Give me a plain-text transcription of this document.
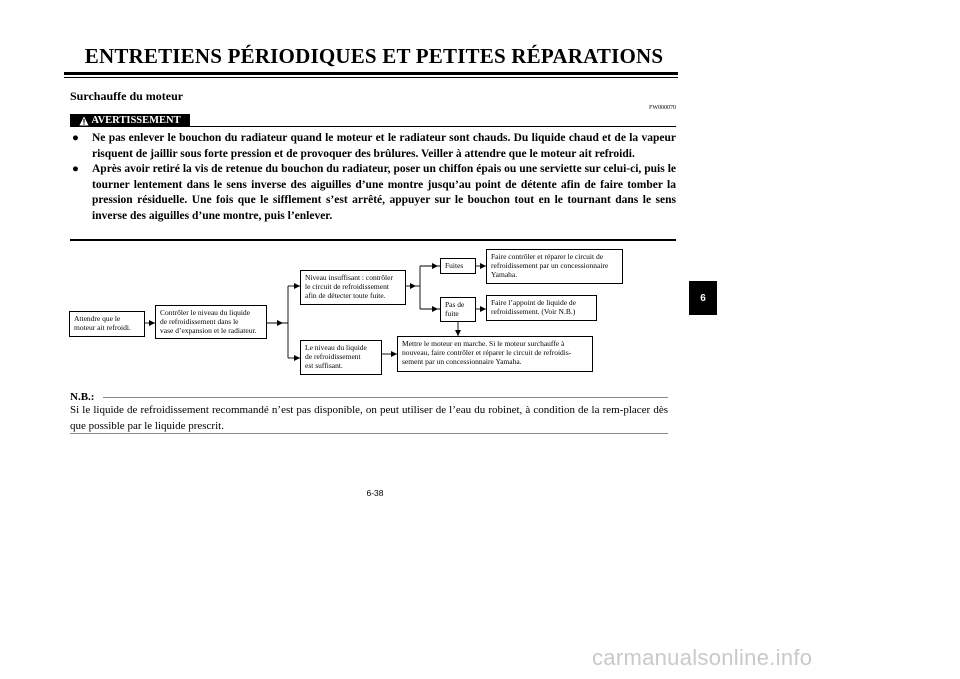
ENTRETIENS PÉRIODIQUES ET PETITES RÉPARATIONS
Surchauffe du moteur
FW000070
AVERTISSEMENT
● Ne pas enlever le bouchon du radiateur quand le moteur et le radiateur sont chauds. Du liquide chaud et de la vapeur risquent de jaillir sous forte pression et de provoquer des brûlures. Veiller à attendre que le moteur ait refroidi.
● Après avoir retiré la vis de retenue du bouchon du radiateur, poser un chiffon épais ou une serviette sur celui-ci, puis le tourner lentement dans le sens inverse des aiguilles d’une montre jusqu’au point de détente afin de faire tomber la pression résiduelle. Une fois que le sifflement s’est arrêté, appuyer sur le bouchon tout en le tournant dans le sens inverse des aiguilles d’une montre, puis l’enlever.
Attendre que le
moteur ait refroidi.
Contrôler le niveau du liquide
de refroidissement dans le
vase d’expansion et le radiateur.
Niveau insuffisant : contrôler
le circuit de refroidissement
afin de détecter toute fuite.
Le niveau du liquide
de refroidissement
est suffisant.
Fuites
Pas de
fuite
Faire contrôler et réparer le circuit de
refroidissement par un concessionnaire
Yamaha.
Faire l’appoint de liquide de
refroidissement. (Voir N.B.)
Mettre le moteur en marche. Si le moteur surchauffe à
nouveau, faire contrôler et réparer le circuit de refroidis-
sement par un concessionnaire Yamaha.
N.B.:
Si le liquide de refroidissement recommandé n’est pas disponible, on peut utiliser de l’eau du robinet, à condition de la rem-placer dès que possible par le liquide prescrit.
6-38
6
carmanualsonline.info
